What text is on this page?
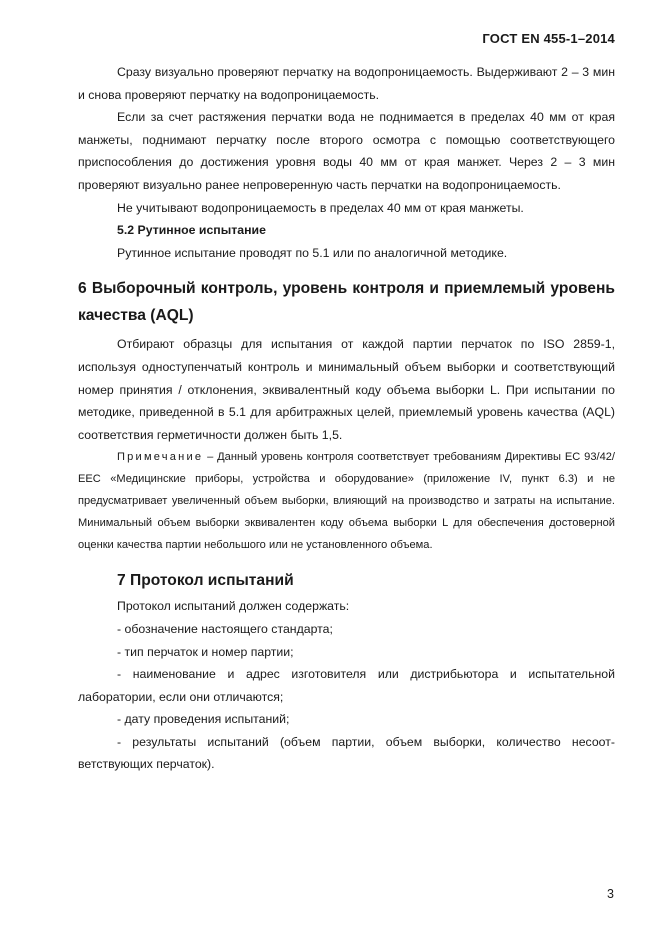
ГОСТ EN 455-1–2014

Сразу визуально проверяют перчатку на водопроницаемость. Выдерживают 2 – 3 мин и снова проверяют перчатку на водопроницаемость.

Если за счет растяжения перчатки вода не поднимается в пределах 40 мм от края манжеты, поднимают перчатку после второго осмотра с помощью соответствующего приспособления до достижения уровня воды 40 мм от края манжет. Через 2 – 3 мин проверяют визуально ранее непроверенную часть перчатки на водопроницаемость.

Не учитывают водопроницаемость в пределах 40 мм от края манжеты.

5.2 Рутинное испытание

Рутинное испытание проводят по 5.1 или по аналогичной методике.

6 Выборочный контроль, уровень контроля и приемлемый уровень качества (AQL)

Отбирают образцы для испытания от каждой партии перчаток по ISO 2859-1, используя одноступенчатый контроль и минимальный объем выборки и соответствующий номер принятия / отклонения, эквивалентный коду объема выборки L. При испытании по методике, приведенной в 5.1 для арбитражных целей, приемлемый уровень качества (AQL) соответствия герметичности должен быть 1,5.

Примечание – Данный уровень контроля соответствует требованиям Директивы ЕС 93/42/ЕЕС «Медицинские приборы, устройства и оборудование» (приложение IV, пункт 6.3) и не предусматривает увеличенный объем выборки, влияющий на производство и затраты на испытание. Минимальный объем выборки эквивалентен коду объема выборки L для обеспечения достоверной оценки качества партии небольшого или не установленного объема.

7 Протокол испытаний

Протокол испытаний должен содержать:

- обозначение настоящего стандарта;

- тип перчаток и номер партии;

- наименование и адрес изготовителя или дистрибьютора и испытательной лаборатории, если они отличаются;

- дату проведения испытаний;

- результаты испытаний (объем партии, объем выборки, количество несоответствующих перчаток).

3
